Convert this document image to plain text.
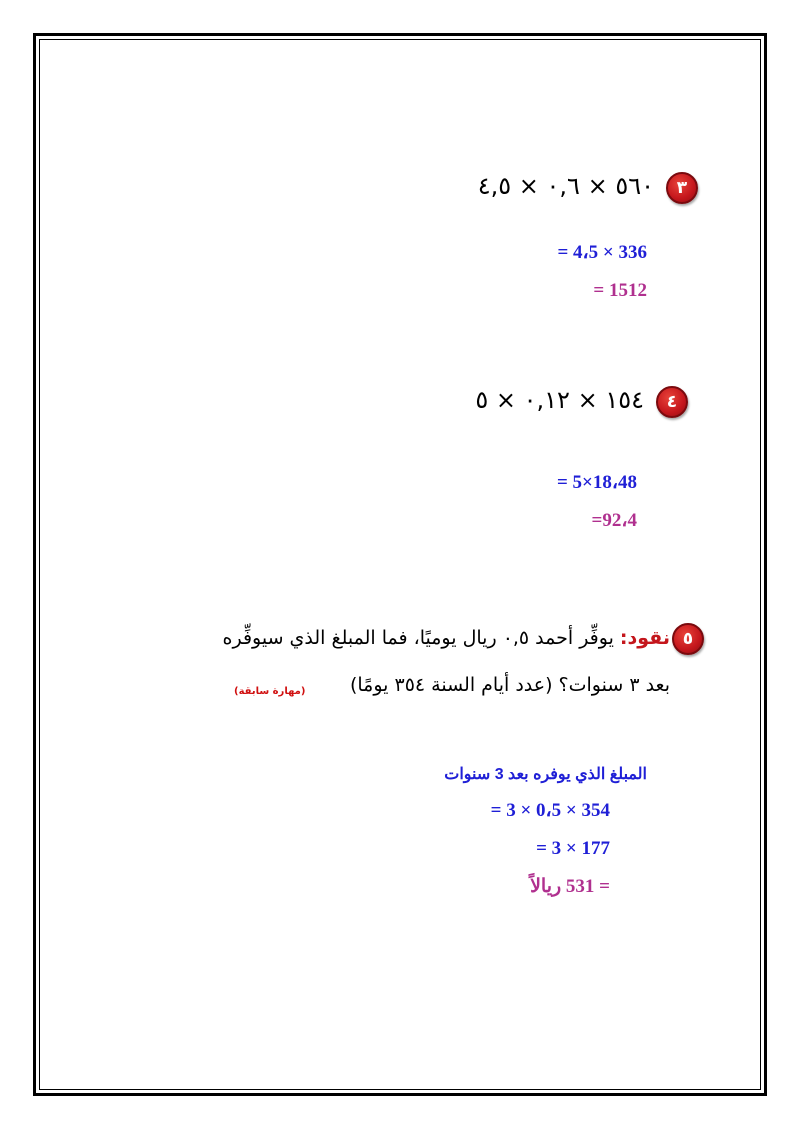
٣
٥٦٠ × ٠,٦ × ٤,٥
= 4،5 × 336
= 1512
٤
١٥٤ × ٠,١٢ × ٥
= 5×18،48
=92،4
٥
نقود: يوفِّر أحمد ٠,٥ ريال يوميًا، فما المبلغ الذي سيوفِّره
بعد ٣ سنوات؟ (عدد أيام السنة ٣٥٤ يومًا)
(مهارة سابقة)
المبلغ الذي يوفره بعد 3 سنوات
= 3 × 0،5 × 354
= 3 × 177
= 531 ريالاً
